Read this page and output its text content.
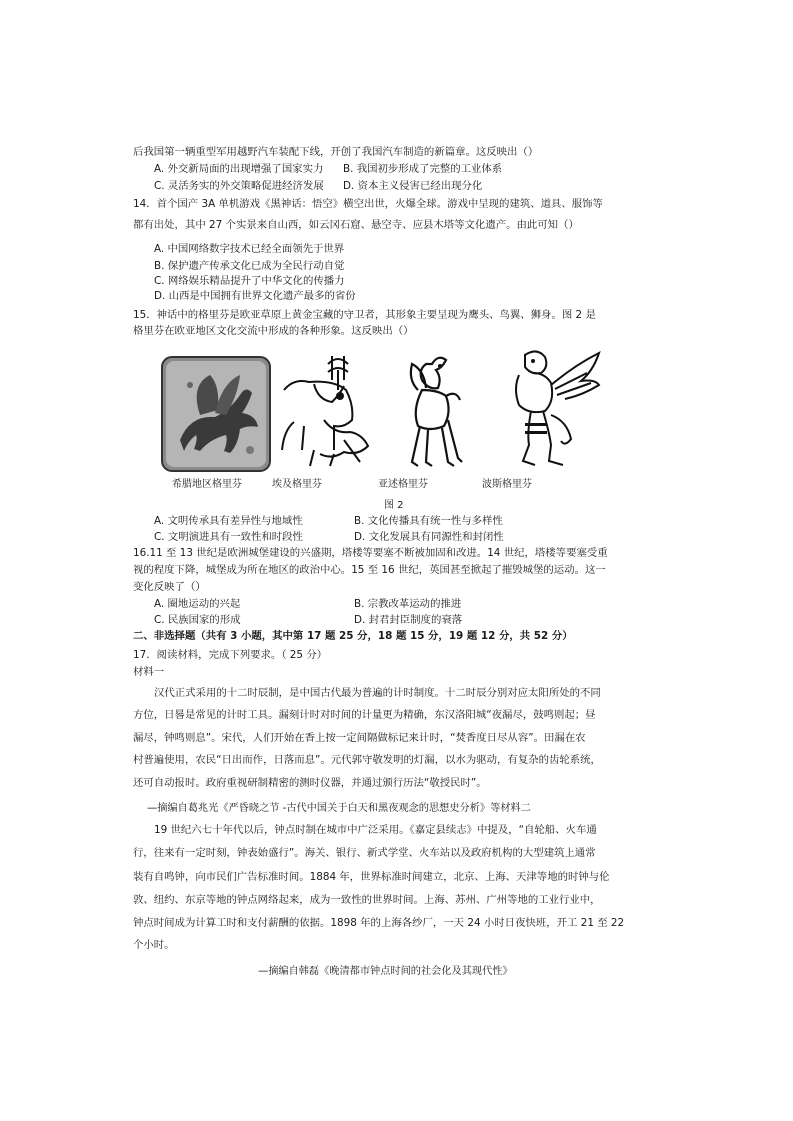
后我国第一辆重型军用越野汽车装配下线，开创了我国汽车制造的新篇章。这反映出（）
A. 外交新局面的出现增强了国家实力 B. 我国初步形成了完整的工业体系
C. 灵活务实的外交策略促进经济发展 D. 资本主义侵害已经出现分化
14．首个国产 3A 单机游戏《黑神话：悟空》横空出世，火爆全球。游戏中呈现的建筑、道具、服饰等
都有出处，其中 27 个实景来自山西，如云冈石窟、悬空寺、应县木塔等文化遗产。由此可知（）
A. 中国网络数字技术已经全面领先于世界
B. 保护遗产传承文化已成为全民行动自觉
C. 网络娱乐精品提升了中华文化的传播力
D. 山西是中国拥有世界文化遗产最多的省份
15．神话中的格里芬是欧亚草原上黄金宝藏的守卫者，其形象主要呈现为鹰头、鸟翼、狮身。图 2 是
格里芬在欧亚地区文化交流中形成的各种形象。这反映出（）
希腊地区格里芬	埃及格里芬	亚述格里芬	波斯格里芬
图 2
A. 文明传承具有差异性与地域性	B. 文化传播具有统一性与多样性
C. 文明演进具有一致性和时段性	D. 文化发展具有同源性和封闭性
16.11 至 13 世纪是欧洲城堡建设的兴盛期，塔楼等要塞不断被加固和改进。14 世纪，塔楼等要塞受重
视的程度下降，城堡成为所在地区的政治中心。15 至 16 世纪，英国甚至掀起了摧毁城堡的运动。这一
变化反映了（）
A. 圈地运动的兴起	B. 宗教改革运动的推进
C. 民族国家的形成	D. 封君封臣制度的衰落
二、非选择题（共有 3 小题，其中第 17 题 25 分，18 题 15 分，19 题 12 分，共 52 分）
17．阅读材料，完成下列要求。（ 25 分）
材料一
汉代正式采用的十二时辰制，是中国古代最为普遍的计时制度。十二时辰分别对应太阳所处的不同
方位，日晷是常见的计时工具。漏刻计时对时间的计量更为精确，东汉洛阳城“夜漏尽，鼓鸣则起；昼
漏尽，钟鸣则息”。宋代，人们开始在香上按一定间隔做标记来计时，“焚香度日尽从容”。田漏在农
村普遍使用，农民“日出而作，日落而息”。元代郭守敬发明的灯漏，以水为驱动，有复杂的齿轮系统，
还可自动报时。政府重视研制精密的测时仪器，并通过颁行历法“敬授民时”。
—摘编自葛兆光《严昏晓之节 -古代中国关于白天和黑夜观念的思想史分析》等材料二
19 世纪六七十年代以后，钟点时制在城市中广泛采用。《嘉定县续志》中提及，“自轮船、火车通
行，往来有一定时刻，钟表始盛行”。海关、银行、新式学堂、火车站以及政府机构的大型建筑上通常
装有自鸣钟，向市民们广告标准时间。1884 年，世界标准时间建立，北京、上海、天津等地的时钟与伦
敦、纽约、东京等地的钟点网络起来，成为一致性的世界时间。上海、苏州、广州等地的工业行业中，
钟点时间成为计算工时和支付薪酬的依据。1898 年的上海各纱厂，一天 24 小时日夜快班，开工 21 至 22
个小时。
—摘编自韩磊《晚清都市钟点时间的社会化及其现代性》
